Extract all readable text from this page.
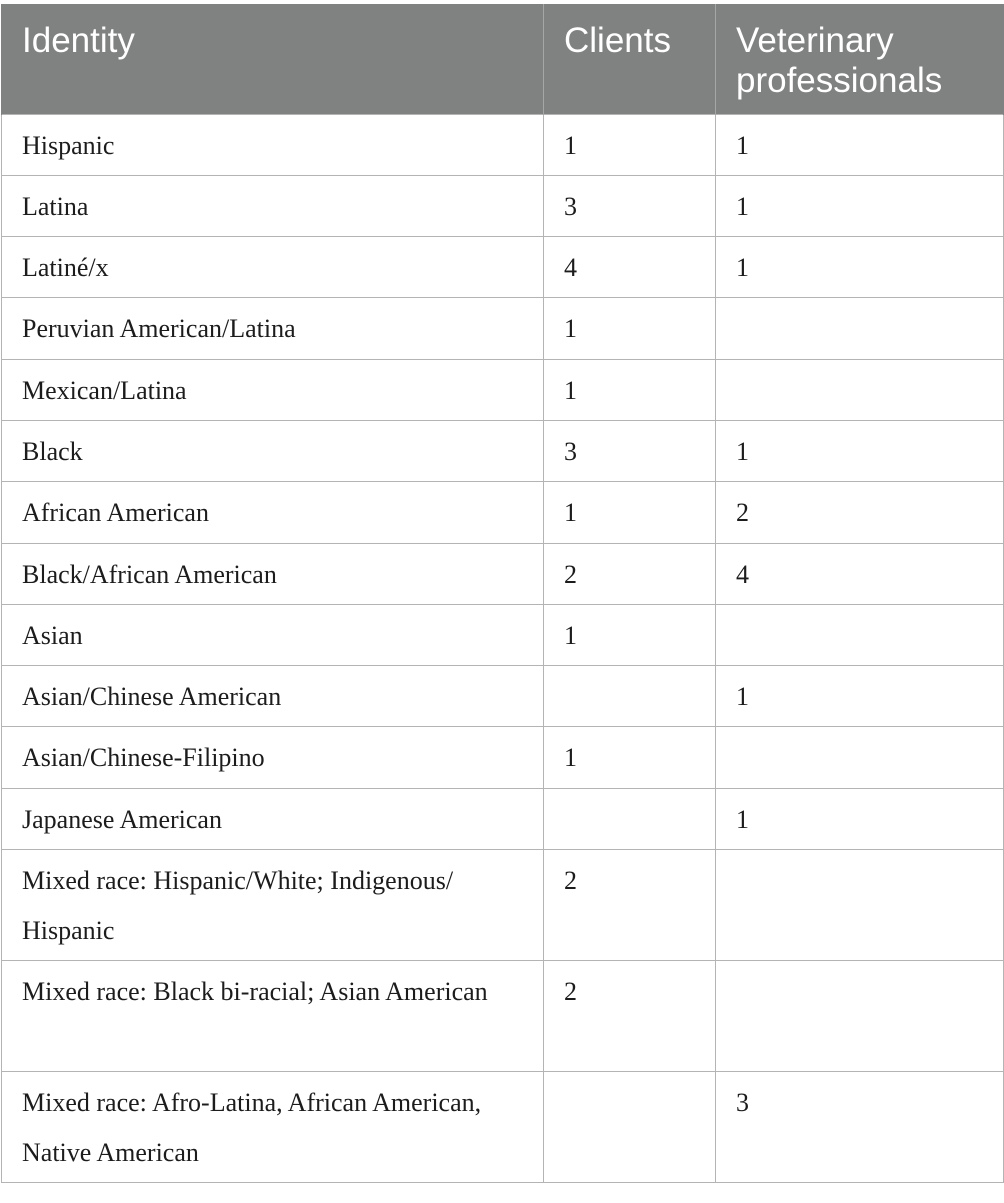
Identity	Clients	Veterinary professionals
Hispanic	1	1
Latina	3	1
Latiné/x	4	1
Peruvian American/Latina	1	
Mexican/Latina	1	
Black	3	1
African American	1	2
Black/African American	2	4
Asian	1	
Asian/Chinese American		1
Asian/Chinese-Filipino	1	
Japanese American		1
Mixed race: Hispanic/White; Indigenous/ Hispanic	2	
Mixed race: Black bi-racial; Asian American	2	
Mixed race: Afro-Latina, African American, Native American		3
